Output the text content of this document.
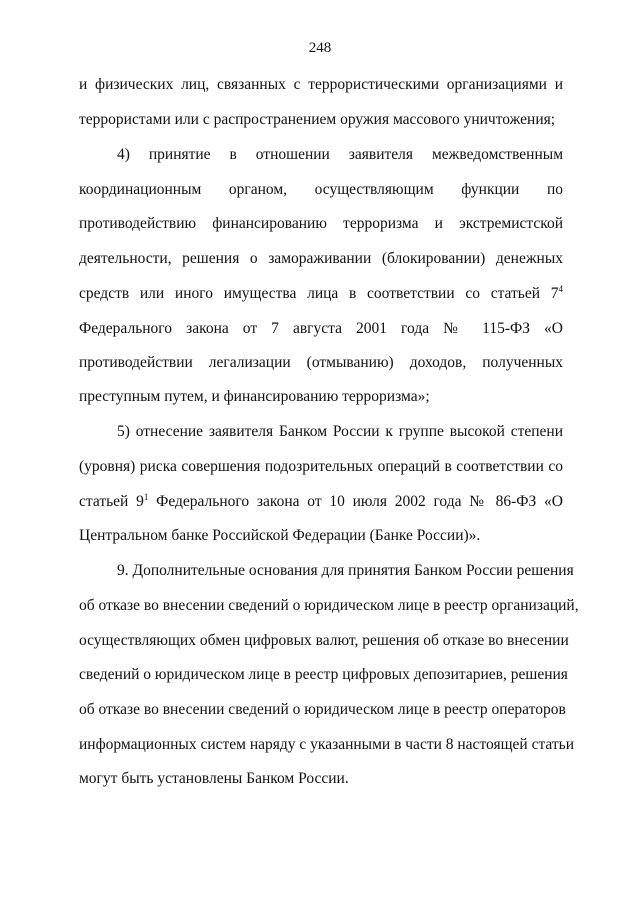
248
и физических лиц, связанных с террористическими организациями и
террористами или с распространением оружия массового уничтожения;
4) принятие в отношении заявителя межведомственным
координационным органом, осуществляющим функции по
противодействию финансированию терроризма и экстремистской
деятельности, решения о замораживании (блокировании) денежных
средств или иного имущества лица в соответствии со статьей $7^4$
Федерального закона от 7 августа 2001 года № 115-ФЗ «О
противодействии легализации (отмыванию) доходов, полученных
преступным путем, и финансированию терроризма»;
5) отнесение заявителя Банком России к группе высокой степени
(уровня) риска совершения подозрительных операций в соответствии со
статьей $9^1$ Федерального закона от 10 июля 2002 года № 86-ФЗ «О
Центральном банке Российской Федерации (Банке России)».
9. Дополнительные основания для принятия Банком России решения
об отказе во внесении сведений о юридическом лице в реестр организаций,
осуществляющих обмен цифровых валют, решения об отказе во внесении
сведений о юридическом лице в реестр цифровых депозитариев, решения
об отказе во внесении сведений о юридическом лице в реестр операторов
информационных систем наряду с указанными в части 8 настоящей статьи
могут быть установлены Банком России.
